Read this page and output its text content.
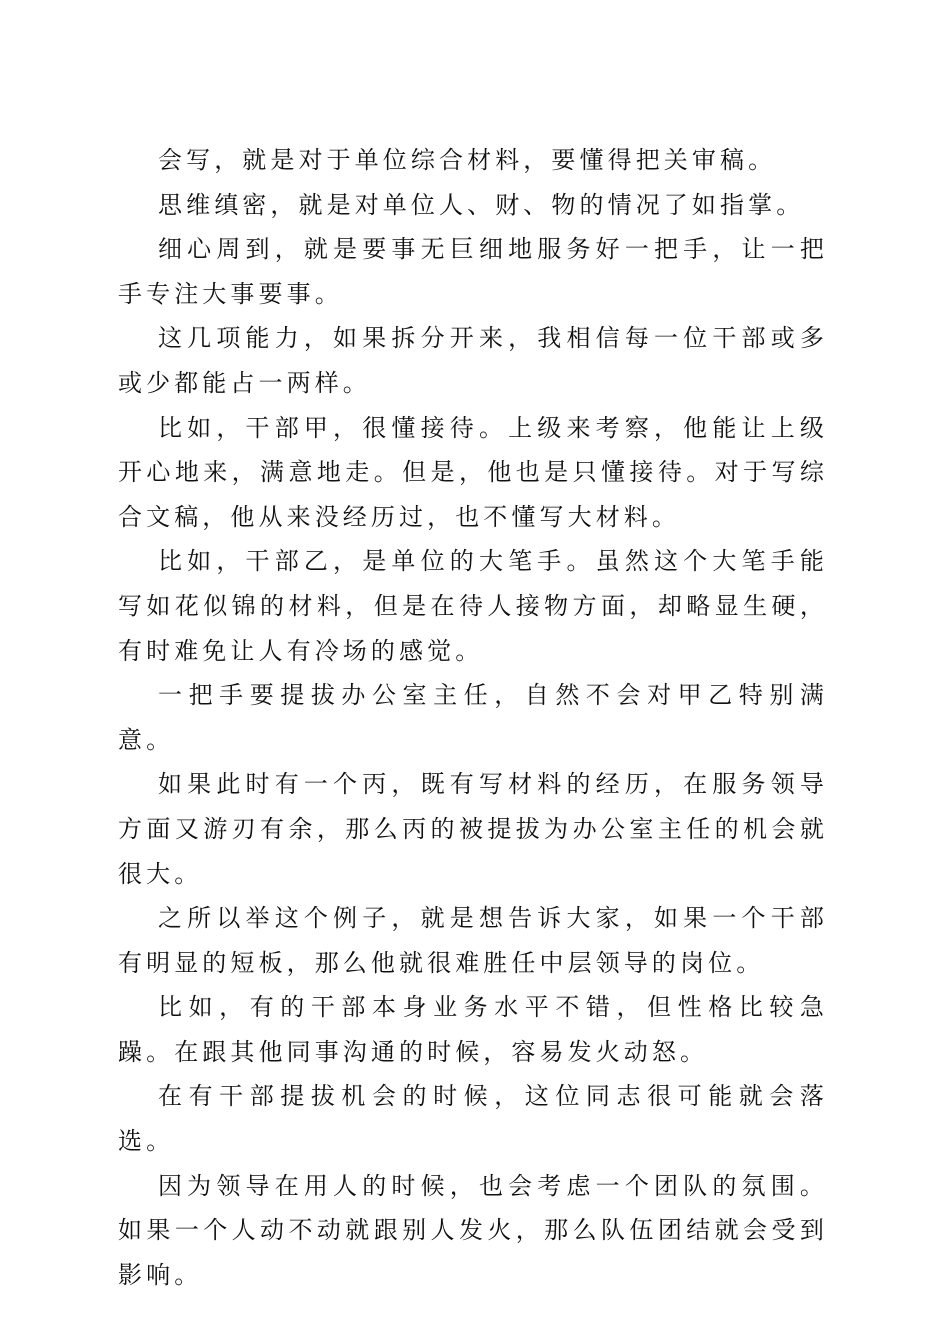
会写，就是对于单位综合材料，要懂得把关审稿。

思维缜密，就是对单位人、财、物的情况了如指掌。

细心周到，就是要事无巨细地服务好一把手，让一把手专注大事要事。

这几项能力，如果拆分开来，我相信每一位干部或多或少都能占一两样。

比如，干部甲，很懂接待。上级来考察，他能让上级开心地来，满意地走。但是，他也是只懂接待。对于写综合文稿，他从来没经历过，也不懂写大材料。

比如，干部乙，是单位的大笔手。虽然这个大笔手能写如花似锦的材料，但是在待人接物方面，却略显生硬，有时难免让人有冷场的感觉。

一把手要提拔办公室主任，自然不会对甲乙特别满意。

如果此时有一个丙，既有写材料的经历，在服务领导方面又游刃有余，那么丙的被提拔为办公室主任的机会就很大。

之所以举这个例子，就是想告诉大家，如果一个干部有明显的短板，那么他就很难胜任中层领导的岗位。

比如，有的干部本身业务水平不错，但性格比较急躁。在跟其他同事沟通的时候，容易发火动怒。

在有干部提拔机会的时候，这位同志很可能就会落选。

因为领导在用人的时候，也会考虑一个团队的氛围。如果一个人动不动就跟别人发火，那么队伍团结就会受到影响。
